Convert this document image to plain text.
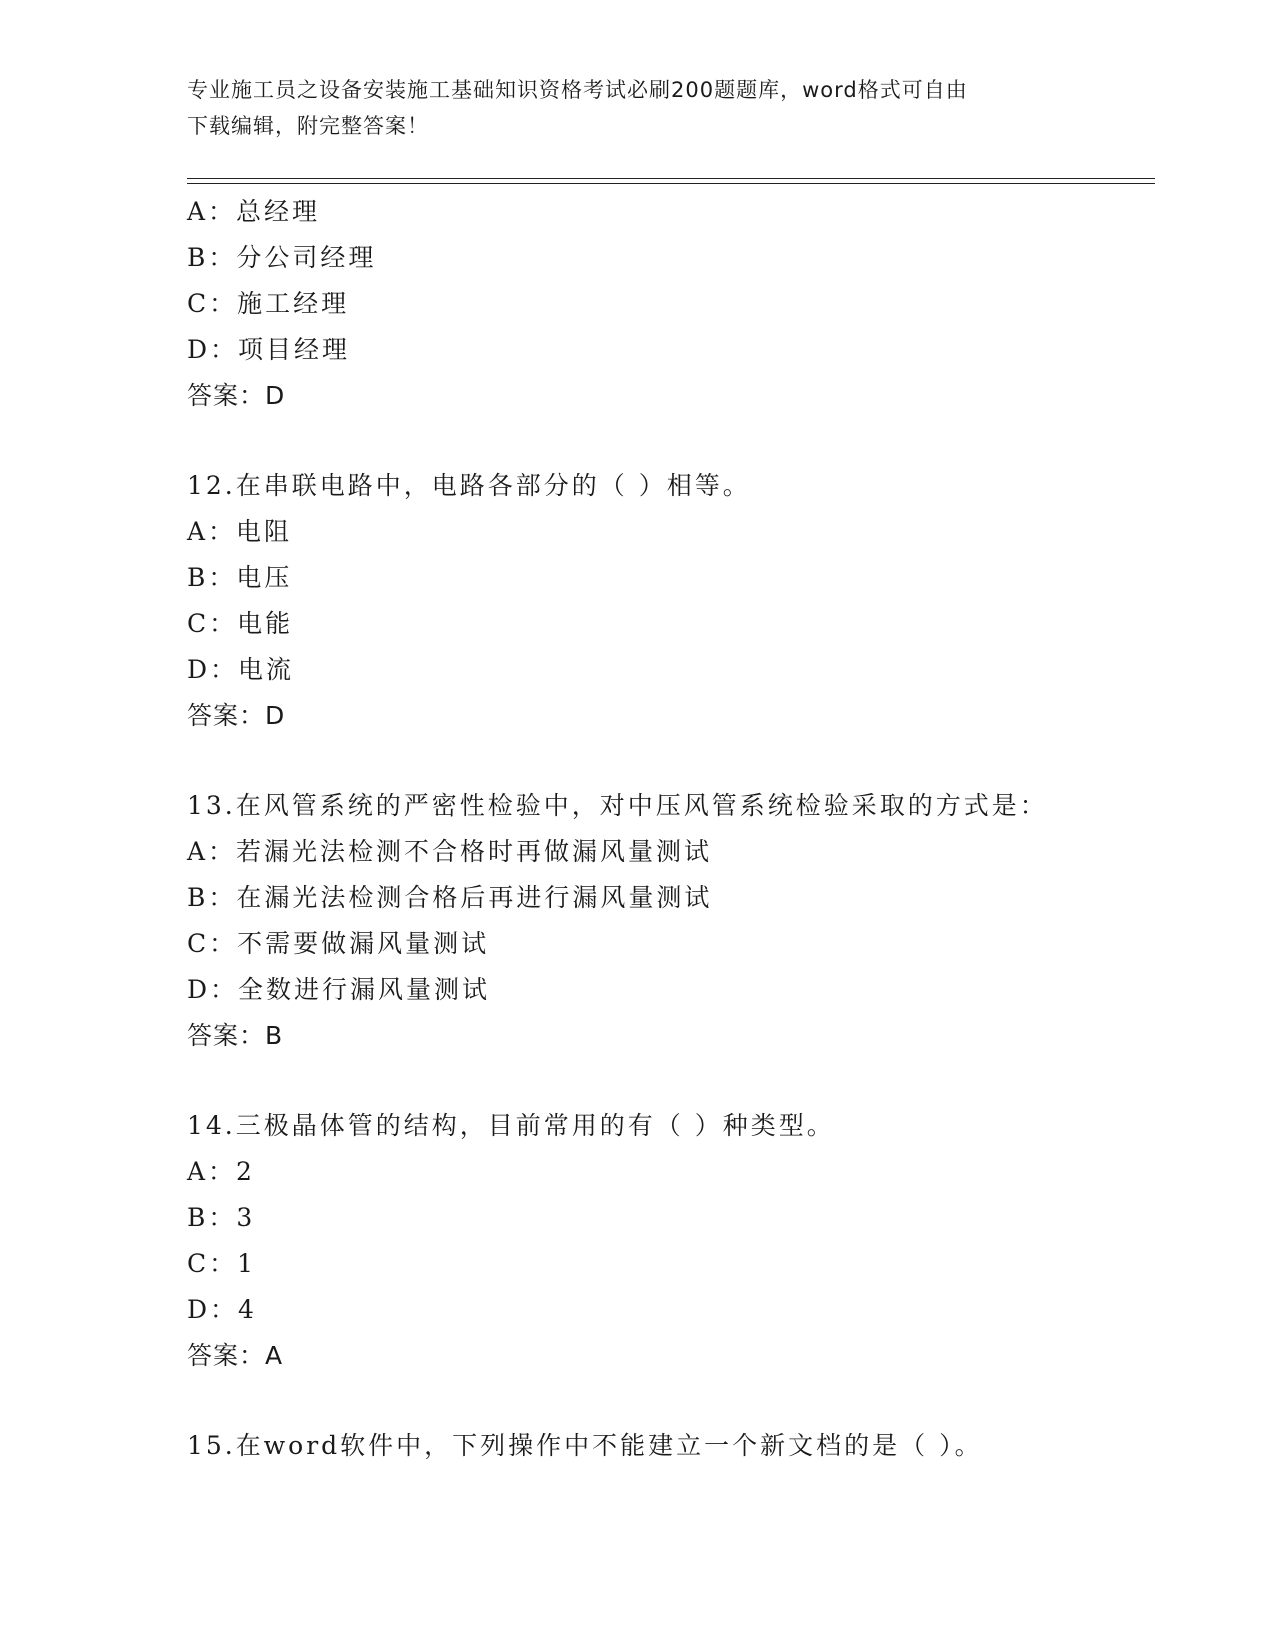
专业施工员之设备安装施工基础知识资格考试必刷200题题库，word格式可自由
下载编辑，附完整答案！
A：总经理
B：分公司经理
C：施工经理
D：项目经理
答案：D
12.在串联电路中，电路各部分的（ ）相等。
A：电阻
B：电压
C：电能
D：电流
答案：D
13.在风管系统的严密性检验中，对中压风管系统检验采取的方式是：
A：若漏光法检测不合格时再做漏风量测试
B：在漏光法检测合格后再进行漏风量测试
C：不需要做漏风量测试
D：全数进行漏风量测试
答案：B
14.三极晶体管的结构，目前常用的有（ ）种类型。
A：2
B：3
C：1
D：4
答案：A
15.在word软件中，下列操作中不能建立一个新文档的是（ ）。
